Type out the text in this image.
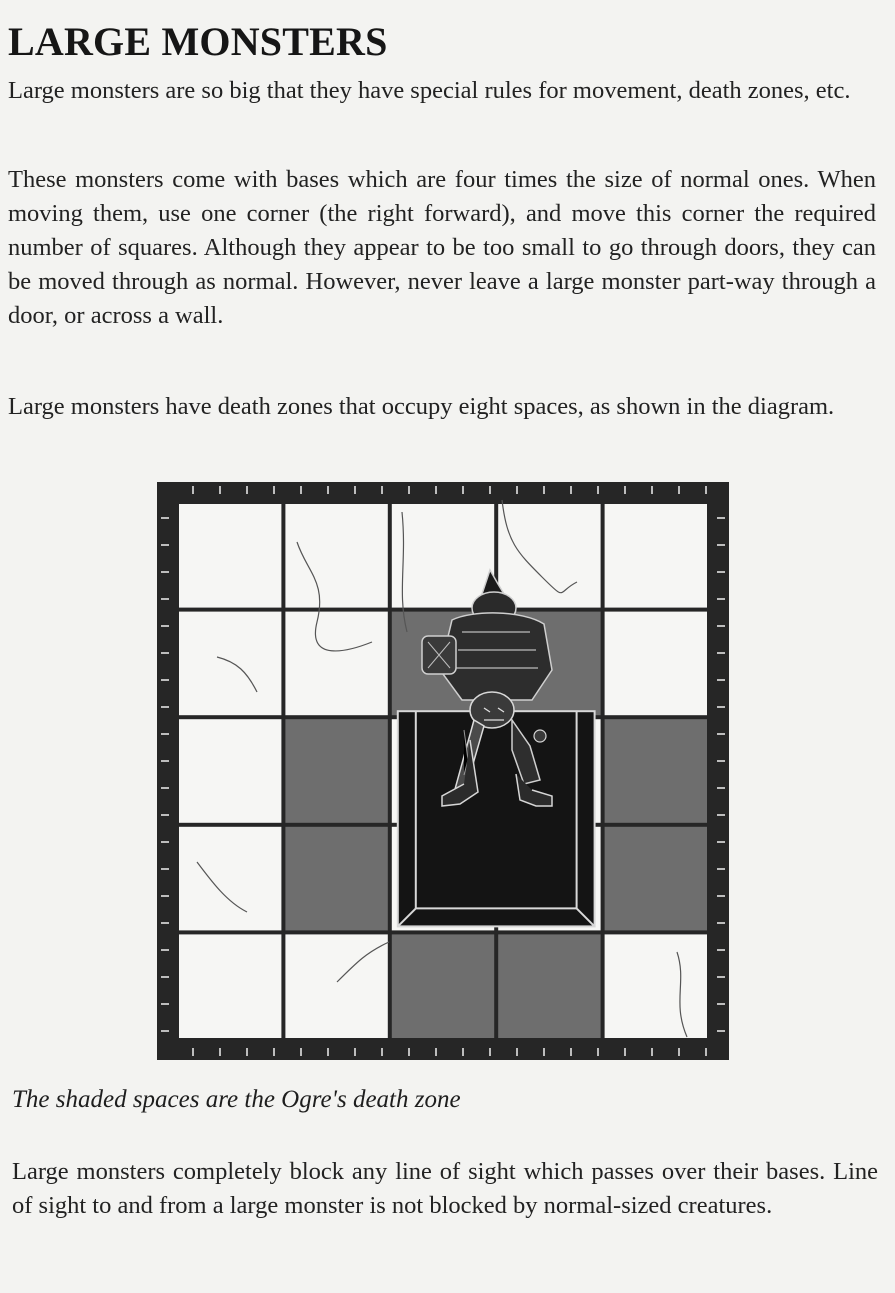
LARGE MONSTERS

Large monsters are so big that they have special rules for movement, death zones, etc.

These monsters come with bases which are four times the size of normal ones. When moving them, use one corner (the right forward), and move this corner the required number of squares. Although they appear to be too small to go through doors, they can be moved through as normal. However, never leave a large monster part-way through a door, or across a wall.

Large monsters have death zones that occupy eight spaces, as shown in the diagram.

The shaded spaces are the Ogre's death zone

Large monsters completely block any line of sight which passes over their bases. Line of sight to and from a large monster is not blocked by normal-sized creatures.
